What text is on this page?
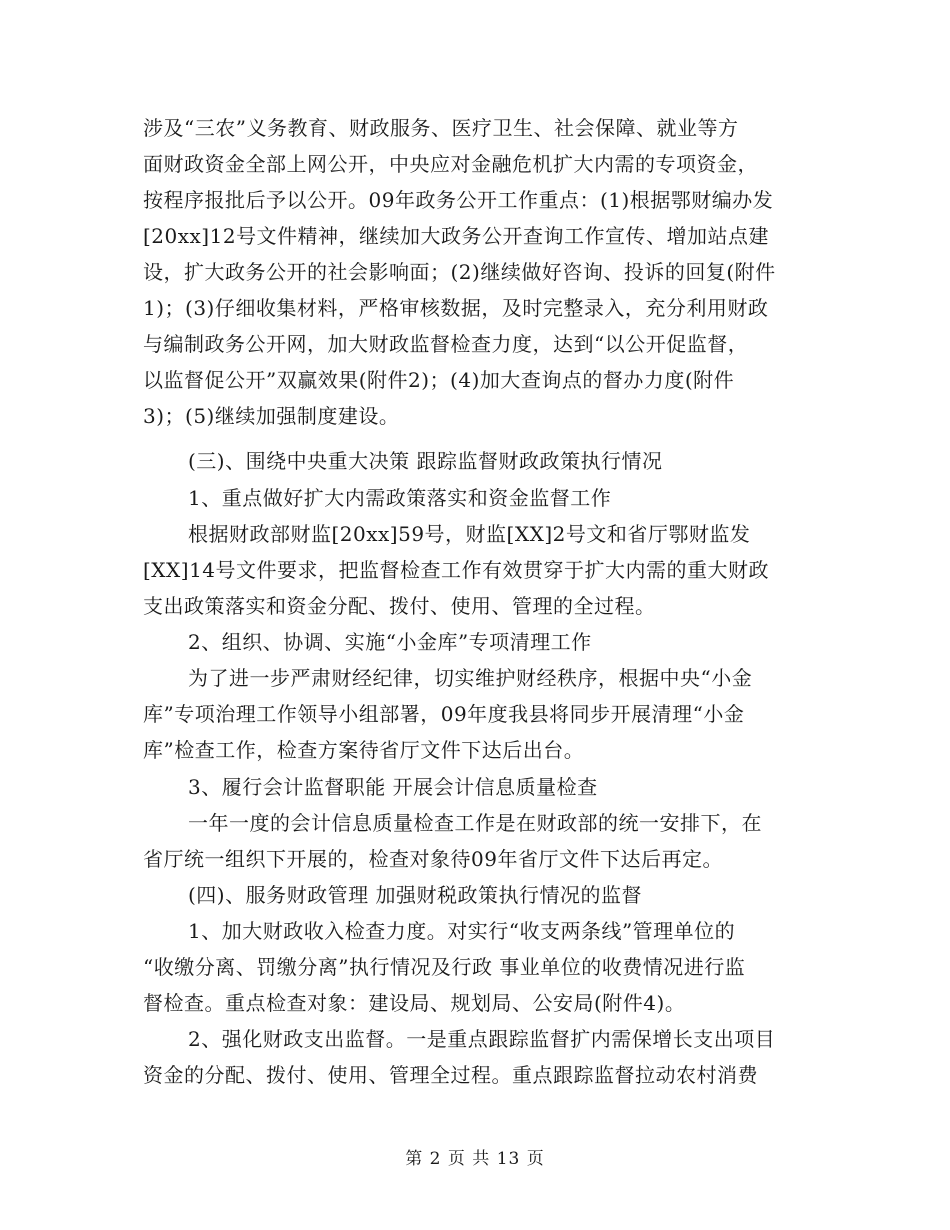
涉及“三农”义务教育、财政服务、医疗卫生、社会保障、就业等方
面财政资金全部上网公开，中央应对金融危机扩大内需的专项资金，
按程序报批后予以公开。09年政务公开工作重点：(1)根据鄂财编办发
[20xx]12号文件精神，继续加大政务公开查询工作宣传、增加站点建
设，扩大政务公开的社会影响面；(2)继续做好咨询、投诉的回复(附件
1)；(3)仔细收集材料，严格审核数据，及时完整录入，充分利用财政
与编制政务公开网，加大财政监督检查力度，达到“以公开促监督，
以监督促公开”双赢效果(附件2)；(4)加大查询点的督办力度(附件
3)；(5)继续加强制度建设。
(三)、围绕中央重大决策 跟踪监督财政政策执行情况
1、重点做好扩大内需政策落实和资金监督工作
根据财政部财监[20xx]59号，财监[XX]2号文和省厅鄂财监发
[XX]14号文件要求，把监督检查工作有效贯穿于扩大内需的重大财政
支出政策落实和资金分配、拨付、使用、管理的全过程。
2、组织、协调、实施“小金库”专项清理工作
为了进一步严肃财经纪律，切实维护财经秩序，根据中央“小金
库”专项治理工作领导小组部署，09年度我县将同步开展清理“小金
库”检查工作，检查方案待省厅文件下达后出台。
3、履行会计监督职能 开展会计信息质量检查
一年一度的会计信息质量检查工作是在财政部的统一安排下，在
省厅统一组织下开展的，检查对象待09年省厅文件下达后再定。
(四)、服务财政管理 加强财税政策执行情况的监督
1、加大财政收入检查力度。对实行“收支两条线”管理单位的
“收缴分离、罚缴分离”执行情况及行政 事业单位的收费情况进行监
督检查。重点检查对象：建设局、规划局、公安局(附件4)。
2、强化财政支出监督。一是重点跟踪监督扩内需保增长支出项目
资金的分配、拨付、使用、管理全过程。重点跟踪监督拉动农村消费
第 2 页 共 13 页
